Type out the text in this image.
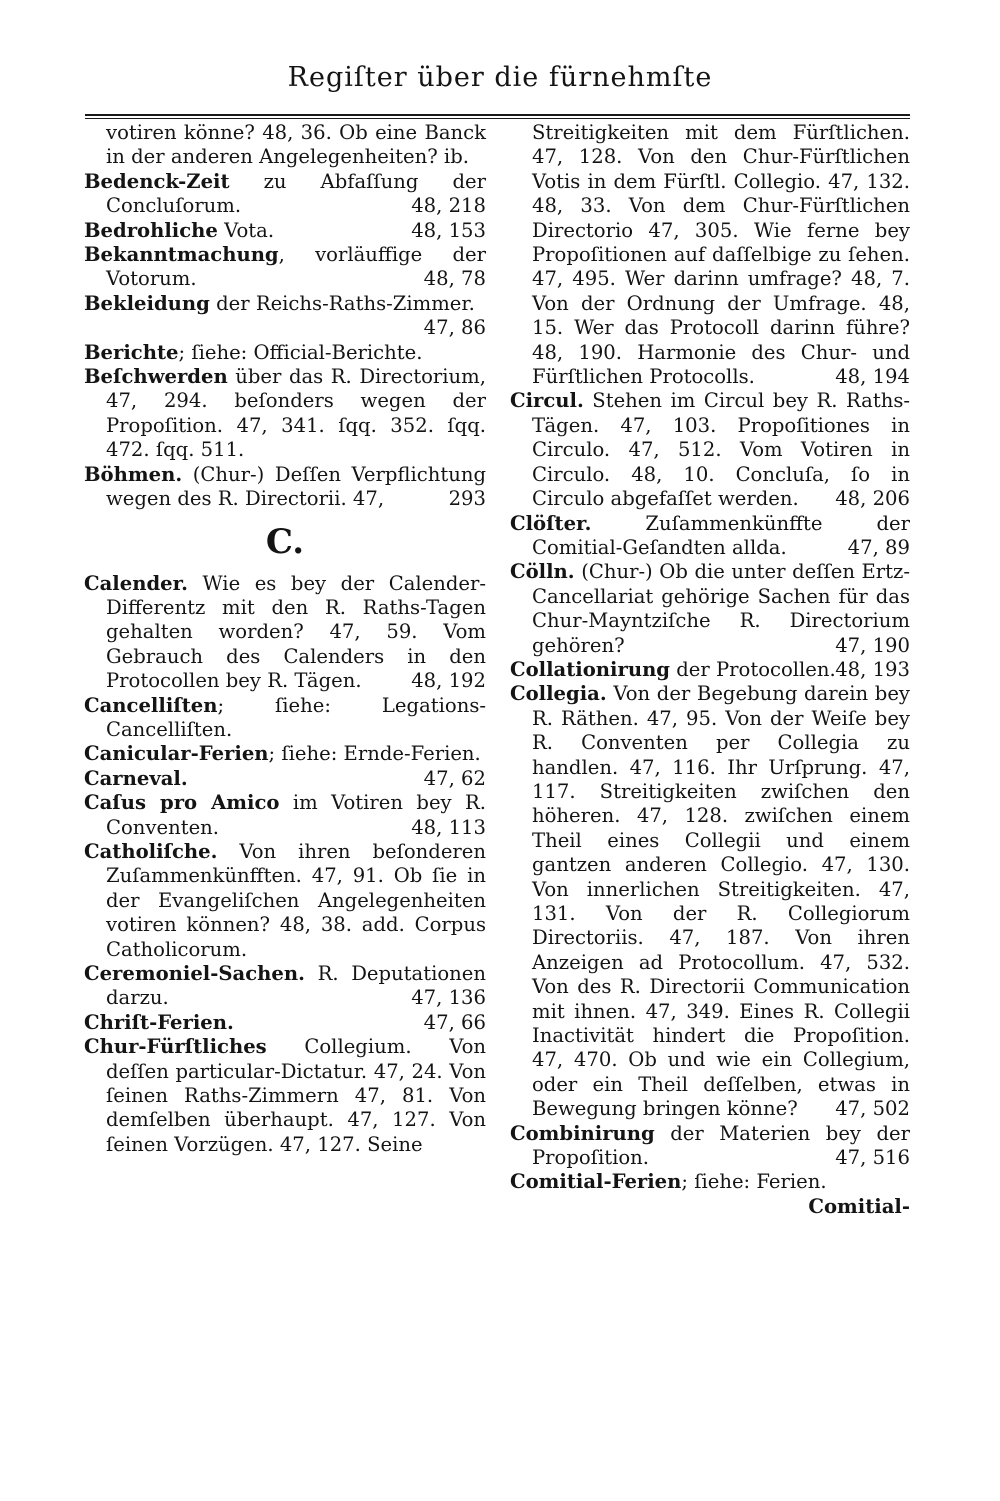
Regiſter über die fürnehmſte

votiren könne? 48, 36. Ob eine Banck in der anderen Angelegenheiten? ib.

Bedenck-Zeit zu Abfaſſung der Concluſorum.	48, 218

Bedrohliche Vota.	48, 153

Bekanntmachung, vorläuffige der Votorum.	48, 78

Bekleidung der Reichs-Raths-Zimmer.
47, 86

Berichte; ſiehe: Official-Berichte.

Beſchwerden über das R. Directorium, 47, 294. beſonders wegen der Propoſition. 47, 341. ſqq. 352. ſqq. 472. ſqq. 511.

Böhmen. (Chur-) Deſſen Verpflichtung wegen des R. Directorii. 47,	293

C.

Calender. Wie es bey der Calender-Differentz mit den R. Raths-Tagen gehalten worden? 47, 59. Vom Gebrauch des Calenders in den Protocollen bey R. Tägen.	48, 192

Cancelliſten; ſiehe: Legations-Cancelliſten.

Canicular-Ferien; ſiehe: Ernde-Ferien.

Carneval.	47, 62

Caſus pro Amico im Votiren bey R. Conventen.	48, 113

Catholiſche. Von ihren beſonderen Zuſammenkünfften. 47, 91. Ob ſie in der Evangeliſchen Angelegenheiten votiren können? 48, 38. add. Corpus Catholicorum.

Ceremoniel-Sachen. R. Deputationen darzu.	47, 136

Chriſt-Ferien.	47, 66

Chur-Fürſtliches Collegium. Von deſſen particular-Dictatur. 47, 24. Von ſeinen Raths-Zimmern 47, 81. Von demſelben überhaupt. 47, 127. Von ſeinen Vorzügen. 47, 127. Seine

Streitigkeiten mit dem Fürſtlichen. 47, 128. Von den Chur-Fürſtlichen Votis in dem Fürſtl. Collegio. 47, 132. 48, 33. Von dem Chur-Fürſtlichen Directorio 47, 305. Wie ferne bey Propoſitionen auf daſſelbige zu ſehen. 47, 495. Wer darinn umfrage? 48, 7. Von der Ordnung der Umfrage. 48, 15. Wer das Protocoll darinn führe? 48, 190. Harmonie des Chur- und Fürſtlichen Protocolls.	48, 194

Circul. Stehen im Circul bey R. Raths-Tägen. 47, 103. Propoſitiones in Circulo. 47, 512. Vom Votiren in Circulo. 48, 10. Concluſa, ſo in Circulo abgefaſſet werden. 48, 206

Clöſter. Zuſammenkünffte der Comitial-Geſandten allda.	47, 89

Cölln. (Chur-) Ob die unter deſſen Ertz-Cancellariat gehörige Sachen für das Chur-Mayntziſche R. Directorium gehören?	47, 190

Collationirung der Protocollen. 48, 193

Collegia. Von der Begebung darein bey R. Räthen. 47, 95. Von der Weiſe bey R. Conventen per Collegia zu handlen. 47, 116. Ihr Urſprung. 47, 117. Streitigkeiten zwiſchen den höheren. 47, 128. zwiſchen einem Theil eines Collegii und einem gantzen anderen Collegio. 47, 130. Von innerlichen Streitigkeiten. 47, 131. Von der R. Collegiorum Directoriis. 47, 187. Von ihren Anzeigen ad Protocollum. 47, 532. Von des R. Directorii Communication mit ihnen. 47, 349. Eines R. Collegii Inactivität hindert die Propoſition. 47, 470. Ob und wie ein Collegium, oder ein Theil deſſelben, etwas in Bewegung bringen könne? 47, 502

Combinirung der Materien bey der Propoſition.	47, 516

Comitial-Ferien; ſiehe: Ferien.

Comitial-
